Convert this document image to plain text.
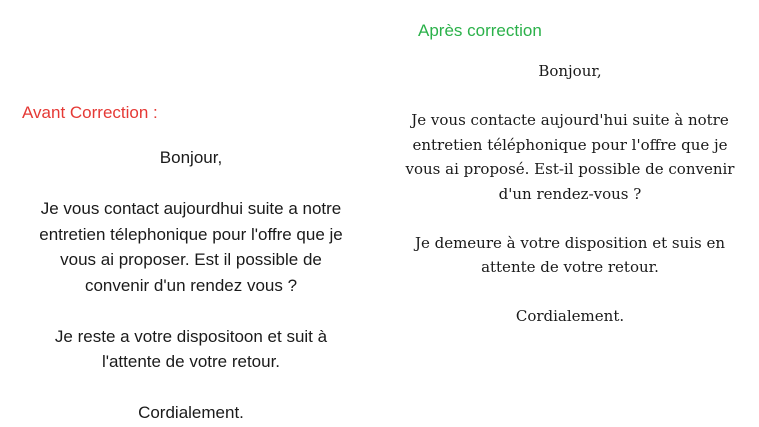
Avant Correction :
Bonjour,
Je vous contact aujourdhui suite a notre
entretien télephonique pour l'offre que je
vous ai proposer. Est il possible de
convenir d'un rendez vous ?
Je reste a votre dispositoon et suit à
l'attente de votre retour.
Cordialement.
Après correction
Bonjour,
Je vous contacte aujourd'hui suite à notre
entretien téléphonique pour l'offre que je
vous ai proposé. Est-il possible de convenir
d'un rendez-vous ?
Je demeure à votre disposition et suis en
attente de votre retour.
Cordialement.
